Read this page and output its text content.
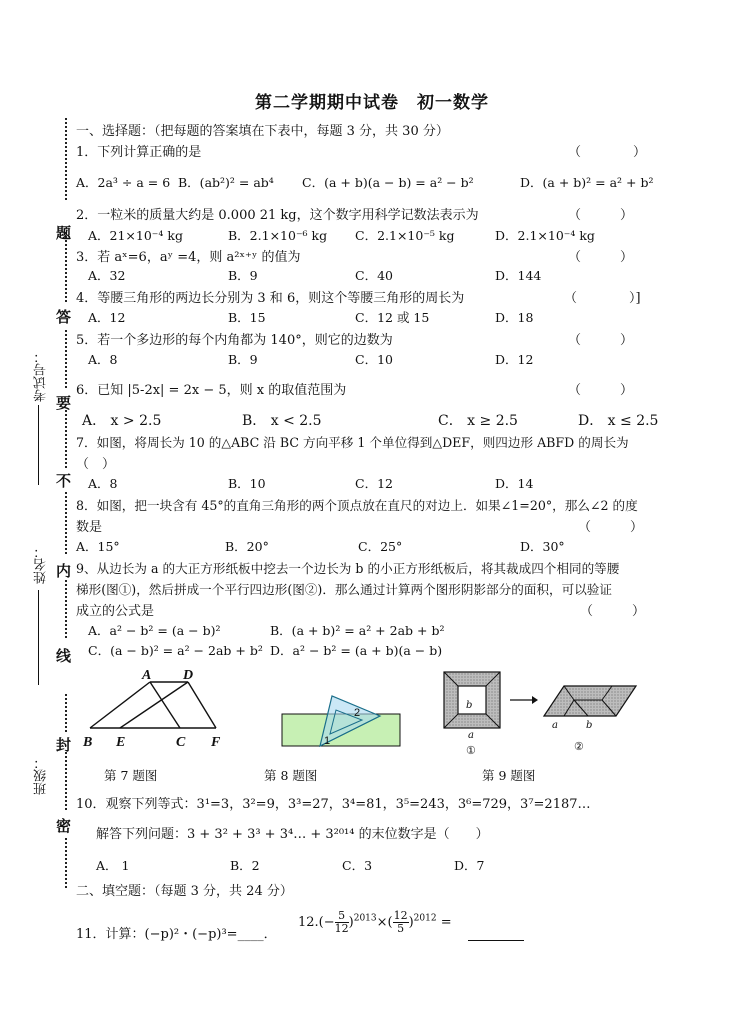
第二学期期中试卷　初一数学
题
答
要
不
内
线
封
密
考试号：
姓名：
班级：
一、选择题：（把每题的答案填在下表中，每题 3 分，共 30 分）
1．下列计算正确的是	（　　　　）
A．2a³ ÷ a = 6 B．(ab²)² = ab⁴ C．(a + b)(a − b) = a² − b²	D．(a + b)² = a² + b²
2．一粒米的质量大约是 0.000 21 kg，这个数字用科学记数法表示为	（　　　）
A．21×10⁻⁴ kg	B．2.1×10⁻⁶ kg C．2.1×10⁻⁵ kg	D．2.1×10⁻⁴ kg
3．若 aˣ=6，aʸ =4，则 a²ˣ⁺ʸ 的值为	（　　　）
A．32	B．9	C．40	D．144
4．等腰三角形的两边长分别为 3 和 6，则这个等腰三角形的周长为	（　　　　）]
A．12	B．15	C．12 或 15	D．18
5．若一个多边形的每个内角都为 140°，则它的边数为	（　　　）
A．8	B．9	C．10	D．12
6．已知 |5-2x| = 2x − 5，则 x 的取值范围为	（　　　）
A． x > 2.5	B． x < 2.5	C． x ≥ 2.5	D． x ≤ 2.5
7．如图，将周长为 10 的△ABC 沿 BC 方向平移 1 个单位得到△DEF，则四边形 ABFD 的周长为
（　）
A．8	B．10	C．12	D．14
8．如图，把一块含有 45°的直角三角形的两个顶点放在直尺的对边上．如果∠1=20°，那么∠2 的度
数是	（　　　）
A．15°	B．20°	C．25°	D．30°
9、从边长为 a 的大正方形纸板中挖去一个边长为 b 的小正方形纸板后，将其裁成四个相同的等腰
梯形(图①)，然后拼成一个平行四边形(图②)．那么通过计算两个图形阴影部分的面积，可以验证
成立的公式是	（　　　）
A．a² − b² = (a − b)²	B．(a + b)² = a² + 2ab + b²
C．(a − b)² = a² − 2ab + b² D．a² − b² = (a + b)(a − b)
A D
B E	C F
2
1
b
a
①
a	b
②
第 7 题图	第 8 题图	第 9 题图
10．观察下列等式：3¹=3，3²=9，3³=27，3⁴=81，3⁵=243，3⁶=729，3⁷=2187…
解答下列问题：3 + 3² + 3³ + 3⁴… + 3²⁰¹⁴ 的末位数字是（　　）
A． 1	B．2	C．3	D．7
二、填空题：（每题 3 分，共 24 分）
11．计算：(−p)²・(−p)³=____．
$12.(- \frac{5}{12} )^{2013}\times( \frac{12}{5} )^{2012}$ =
